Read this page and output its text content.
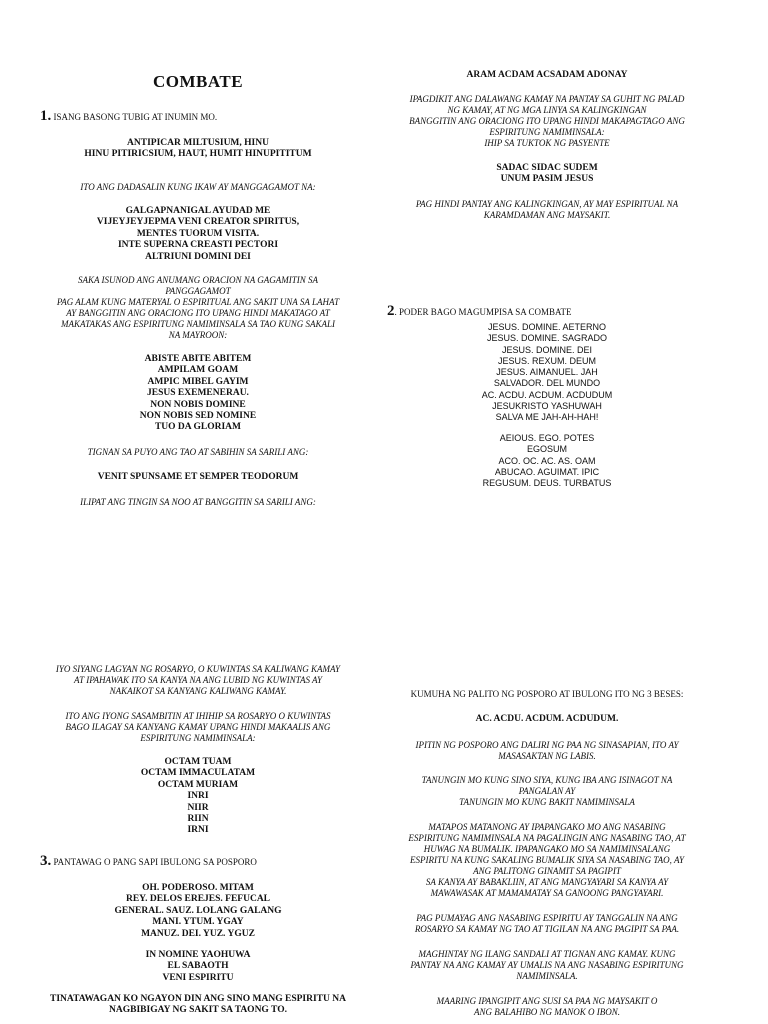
COMBATE
1. ISANG BASONG TUBIG AT INUMIN MO.
ANTIPICAR MILTUSIUM, HINU
HINU PITIRICSIUM, HAUT, HUMIT HINUPITITUM
ITO ANG DADASALIN KUNG IKAW AY MANGGAGAMOT NA:
GALGAPNANIGAL AYUDAD ME
VIJEYJEYJEPMA VENI CREATOR SPIRITUS,
MENTES TUORUM VISITA.
INTE SUPERNA CREASTI PECTORI
ALTRIUNI DOMINI DEI
SAKA ISUNOD ANG ANUMANG ORACION NA GAGAMITIN SA
PANGGAGAMOT
PAG ALAM KUNG MATERYAL O ESPIRITUAL ANG SAKIT UNA SA LAHAT
AY BANGGITIN ANG ORACIONG ITO UPANG HINDI MAKATAGO AT
MAKATAKAS ANG ESPIRITUNG NAMIMINSALA SA TAO KUNG SAKALI
NA MAYROON:
ABISTE ABITE ABITEM
AMPILAM GOAM
AMPIC MIBEL GAYIM
JESUS EXEMENERAU.
NON NOBIS DOMINE
NON NOBIS SED NOMINE
TUO DA GLORIAM
TIGNAN SA PUYO ANG TAO AT SABIHIN SA SARILI ANG:
VENIT SPUNSAME ET SEMPER TEODORUM
ILIPAT ANG TINGIN SA NOO AT BANGGITIN SA SARILI ANG:
IYO SIYANG LAGYAN NG ROSARYO, O KUWINTAS SA KALIWANG KAMAY
AT IPAHAWAK ITO SA KANYA NA ANG LUBID NG KUWINTAS AY
NAKAIKOT SA KANYANG KALIWANG KAMAY.
ITO ANG IYONG SASAMBITIN AT IHIHIP SA ROSARYO O KUWINTAS
BAGO ILAGAY SA KANYANG KAMAY UPANG HINDI MAKAALIS ANG
ESPIRITUNG NAMIMINSALA:
OCTAM TUAM
OCTAM IMMACULATAM
OCTAM MURIAM
INRI
NIIR
RIIN
IRNI
3. PANTAWAG O PANG SAPI IBULONG SA POSPORO
OH. PODEROSO. MITAM
REY. DELOS EREJES. FEFUCAL
GENERAL. SAUZ. LOLANG GALANG
MANI. YTUM. YGAY
MANUZ. DEI. YUZ. YGUZ
IN NOMINE YAOHUWA
EL SABAOTH
VENI ESPIRITU
TINATAWAGAN KO NGAYON DIN ANG SINO MANG ESPIRITU NA
NAGBIBIGAY NG SAKIT SA TAONG TO.
ARAM ACDAM ACSADAM ADONAY
IPAGDIKIT ANG DALAWANG KAMAY NA PANTAY SA GUHIT NG PALAD
NG KAMAY, AT NG MGA LINYA SA KALINGKINGAN
BANGGITIN ANG ORACIONG ITO UPANG HINDI MAKAPAGTAGO ANG
ESPIRITUNG NAMIMINSALA:
IHIP SA TUKTOK NG PASYENTE
SADAC SIDAC SUDEM
UNUM PASIM JESUS
PAG HINDI PANTAY ANG KALINGKINGAN, AY MAY ESPIRITUAL NA
KARAMDAMAN ANG MAYSAKIT.
2. PODER BAGO MAGUMPISA SA COMBATE
JESUS. DOMINE. AETERNO
JESUS. DOMINE. SAGRADO
JESUS. DOMINE. DEI
JESUS. REXUM. DEUM
JESUS. AIMANUEL. JAH
SALVADOR. DEL MUNDO
AC. ACDU. ACDUM. ACDUDUM
JESUKRISTO YASHUWAH
SALVA ME JAH-AH-HAH!
AEIOUS. EGO. POTES
EGOSUM
ACO. OC. AC. AS. OAM
ABUCAO. AGUIMAT. IPIC
REGUSUM. DEUS. TURBATUS
KUMUHA NG PALITO NG POSPORO AT IBULONG ITO NG 3 BESES:
AC. ACDU. ACDUM. ACDUDUM.
IPITIN NG POSPORO ANG DALIRI NG PAA NG SINASAPIAN, ITO AY
MASASAKTAN NG LABIS.
TANUNGIN MO KUNG SINO SIYA, KUNG IBA ANG ISINAGOT NA
PANGALAN AY
TANUNGIN MO KUNG BAKIT NAMIMINSALA
MATAPOS MATANONG AY IPAPANGAKO MO ANG NASABING
ESPIRITUNG NAMIMINSALA NA PAGALINGIN ANG NASABING TAO, AT
HUWAG NA BUMALIK. IPAPANGAKO MO SA NAMIMINSALANG
ESPIRITU NA KUNG SAKALING BUMALIK SIYA SA NASABING TAO, AY
ANG PALITONG GINAMIT SA PAGIPIT
SA KANYA AY BABAKLIIN, AT ANG MANGYAYARI SA KANYA AY
MAWAWASAK AT MAMAMATAY SA GANOONG PANGYAYARI.
PAG PUMAYAG ANG NASABING ESPIRITU AY TANGGALIN NA ANG
ROSARYO SA KAMAY NG TAO AT TIGILAN NA ANG PAGIPIT SA PAA.
MAGHINTAY NG ILANG SANDALI AT TIGNAN ANG KAMAY. KUNG
PANTAY NA ANG KAMAY AY UMALIS NA ANG NASABING ESPIRITUNG
NAMIMINSALA.
MAARING IPANGIPIT ANG SUSI SA PAA NG MAYSAKIT O
ANG BALAHIBO NG MANOK O IBON.
